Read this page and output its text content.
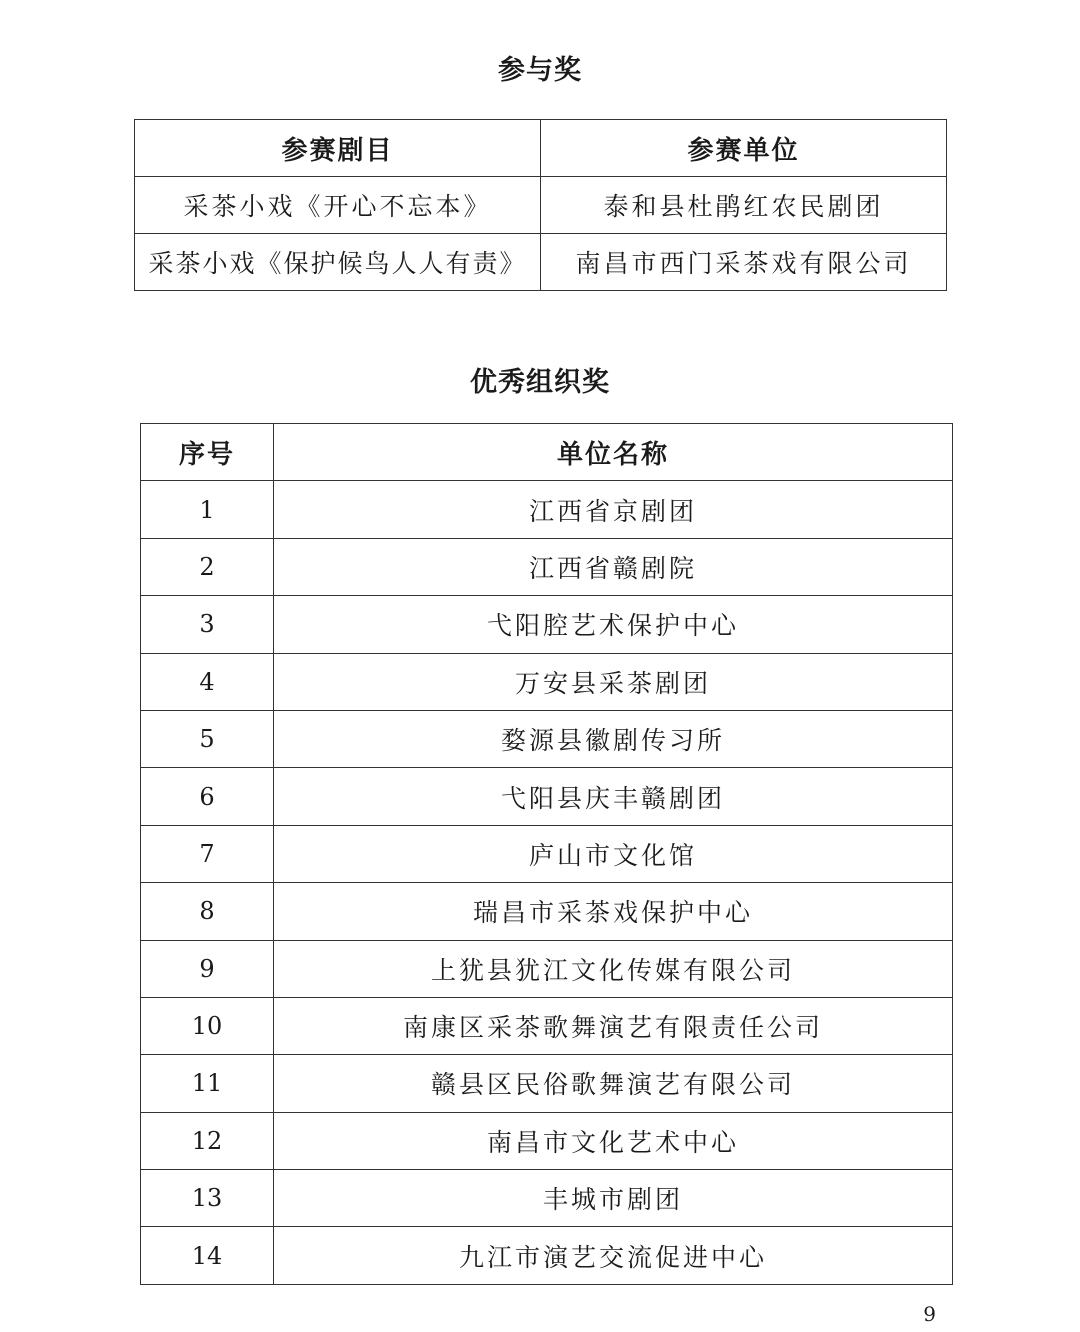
参与奖
参赛剧目	参赛单位
采茶小戏《开心不忘本》	泰和县杜鹃红农民剧团
采茶小戏《保护候鸟人人有责》	南昌市西门采茶戏有限公司
优秀组织奖
序号	单位名称
1	江西省京剧团
2	江西省赣剧院
3	弋阳腔艺术保护中心
4	万安县采茶剧团
5	婺源县徽剧传习所
6	弋阳县庆丰赣剧团
7	庐山市文化馆
8	瑞昌市采茶戏保护中心
9	上犹县犹江文化传媒有限公司
10	南康区采茶歌舞演艺有限责任公司
11	赣县区民俗歌舞演艺有限公司
12	南昌市文化艺术中心
13	丰城市剧团
14	九江市演艺交流促进中心
9
